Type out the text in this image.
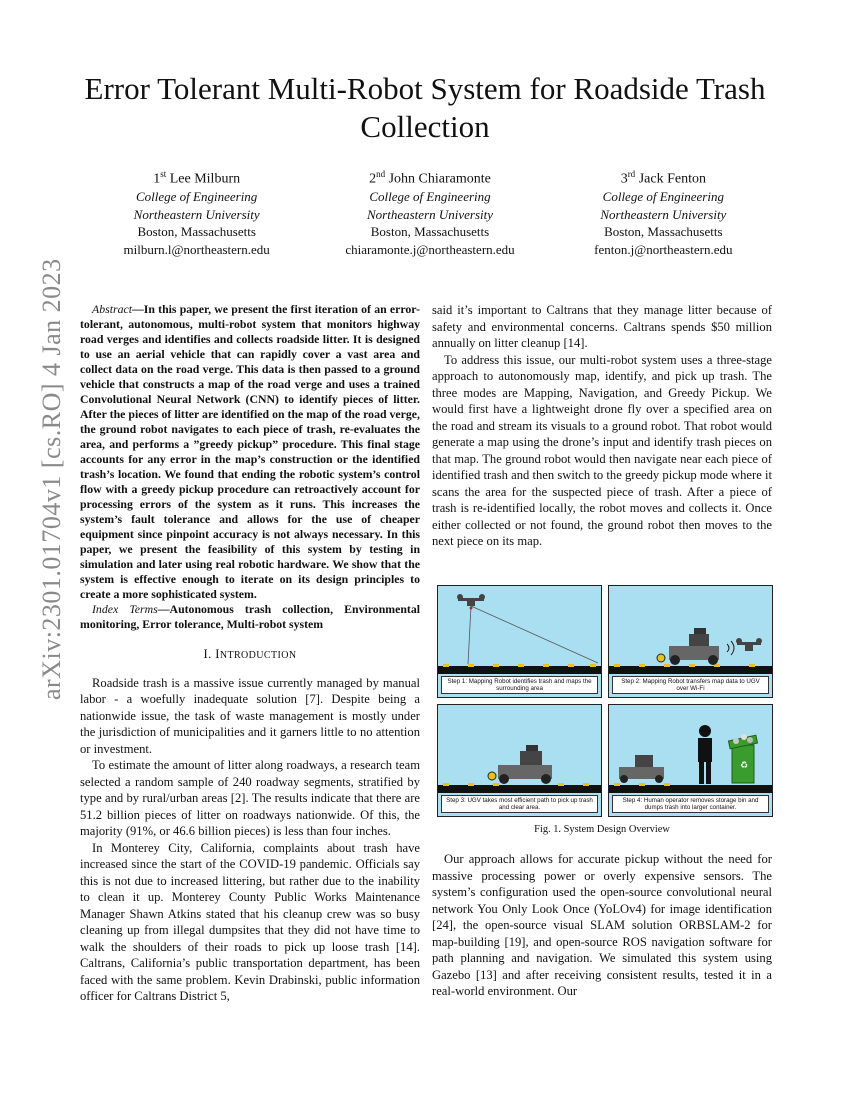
arXiv:2301.01704v1 [cs.RO] 4 Jan 2023
Error Tolerant Multi-Robot System for Roadside Trash Collection
1st Lee Milburn
College of Engineering
Northeastern University
Boston, Massachusetts
milburn.l@northeastern.edu
2nd John Chiaramonte
College of Engineering
Northeastern University
Boston, Massachusetts
chiaramonte.j@northeastern.edu
3rd Jack Fenton
College of Engineering
Northeastern University
Boston, Massachusetts
fenton.j@northeastern.edu

Abstract—In this paper, we present the first iteration of an error-tolerant, autonomous, multi-robot system that monitors highway road verges and identifies and collects roadside litter. It is designed to use an aerial vehicle that can rapidly cover a vast area and collect data on the road verge. This data is then passed to a ground vehicle that constructs a map of the road verge and uses a trained Convolutional Neural Network (CNN) to identify pieces of litter. After the pieces of litter are identified on the map of the road verge, the ground robot navigates to each piece of trash, re-evaluates the area, and performs a ”greedy pickup” procedure. This final stage accounts for any error in the map’s construction or the identified trash’s location. We found that ending the robotic system’s control flow with a greedy pickup procedure can retroactively account for processing errors of the system as it runs. This increases the system’s fault tolerance and allows for the use of cheaper equipment since pinpoint accuracy is not always necessary. In this paper, we present the feasibility of this system by testing in simulation and later using real robotic hardware. We show that the system is effective enough to iterate on its design principles to create a more sophisticated system.

Index Terms—Autonomous trash collection, Environmental monitoring, Error tolerance, Multi-robot system

I. INTRODUCTION

Roadside trash is a massive issue currently managed by manual labor - a woefully inadequate solution [7]. Despite being a nationwide issue, the task of waste management is mostly under the jurisdiction of municipalities and it garners little to no attention or investment.

To estimate the amount of litter along roadways, a research team selected a random sample of 240 roadway segments, stratified by type and by rural/urban areas [2]. The results indicate that there are 51.2 billion pieces of litter on roadways nationwide. Of this, the majority (91%, or 46.6 billion pieces) is less than four inches.

In Monterey City, California, complaints about trash have increased since the start of the COVID-19 pandemic. Officials say this is not due to increased littering, but rather due to the inability to clean it up. Monterey County Public Works Maintenance Manager Shawn Atkins stated that his cleanup crew was so busy cleaning up from illegal dumpsites that they did not have time to walk the shoulders of their roads to pick up loose trash [14]. Caltrans, California’s public transportation department, has been faced with the same problem. Kevin Drabinski, public information officer for Caltrans District 5,

said it’s important to Caltrans that they manage litter because of safety and environmental concerns. Caltrans spends $50 million annually on litter cleanup [14].

To address this issue, our multi-robot system uses a three-stage approach to autonomously map, identify, and pick up trash. The three modes are Mapping, Navigation, and Greedy Pickup. We would first have a lightweight drone fly over a specified area on the road and stream its visuals to a ground robot. That robot would generate a map using the drone’s input and identify trash pieces on that map. The ground robot would then navigate near each piece of identified trash and then switch to the greedy pickup mode where it scans the area for the suspected piece of trash. After a piece of trash is re-identified locally, the robot moves and collects it. Once either collected or not found, the ground robot then moves to the next piece on its map.

Step 1: Mapping Robot identifies trash and maps the surrounding area
Step 2: Mapping Robot transfers map data to UGV over Wi-Fi
Step 3: UGV takes most efficient path to pick up trash and clear area.
♻
Step 4: Human operator removes storage bin and dumps trash into larger container.
Fig. 1. System Design Overview

Our approach allows for accurate pickup without the need for massive processing power or overly expensive sensors. The system’s configuration used the open-source convolutional neural network You Only Look Once (YoLOv4) for image identification [24], the open-source visual SLAM solution ORBSLAM-2 for map-building [19], and open-source ROS navigation software for path planning and navigation. We simulated this system using Gazebo [13] and after receiving consistent results, tested it in a real-world environment. Our
